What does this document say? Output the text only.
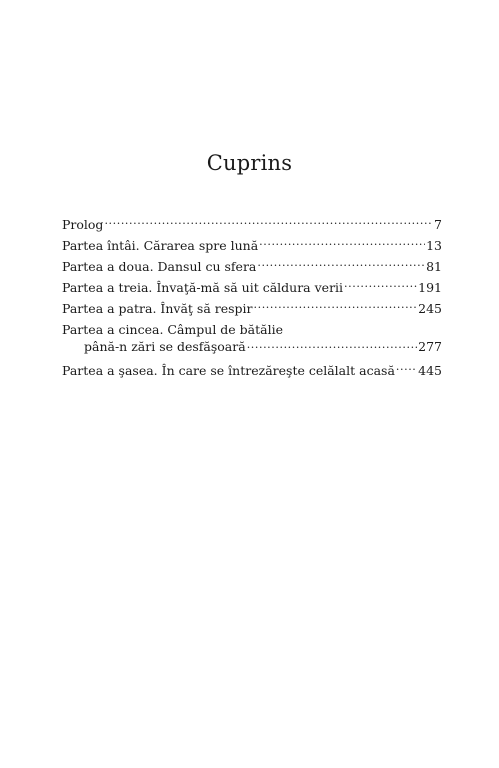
Cuprins
Prolog .....	7
Partea întâi. Cărarea spre lună .....	13
Partea a doua. Dansul cu sfera .....	81
Partea a treia. Învaţă-mă să uit căldura verii .....	191
Partea a patra. Învăţ să respir .....	245
Partea a cincea. Câmpul de bătălie
până-n zări se desfăşoară .....	277
Partea a şasea. În care se întrezăreşte celălalt acasă ..... 445
